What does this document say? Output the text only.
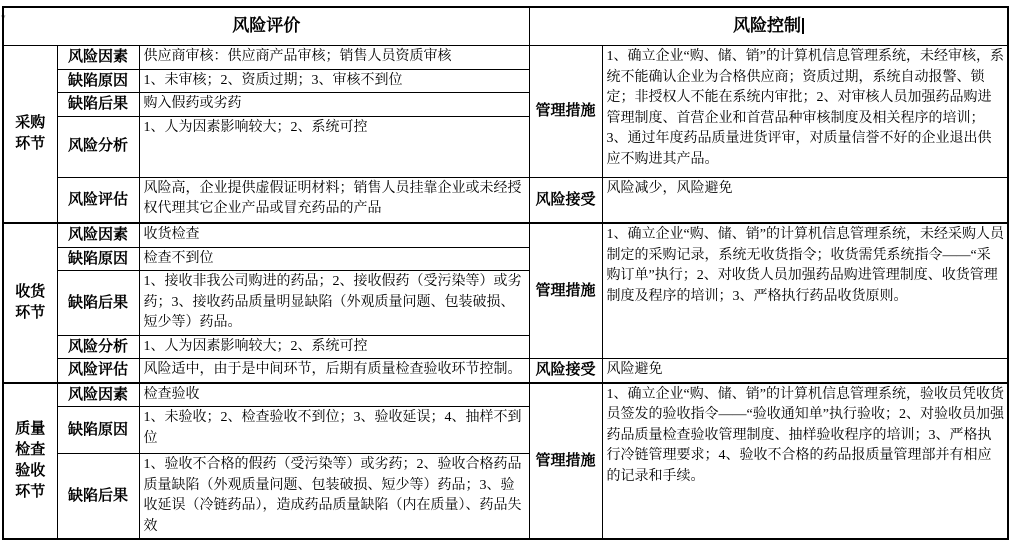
▾	风险评价			风险控制	

采购环节	风险因素	供应商审核：供应商产品审核；销售人员资质审核	管理措施	1、确立企业“购、储、销”的计算机信息管理系统，未经审核，系统不能确认企业为合格供应商；资质过期，系统自动报警、锁定；非授权人不能在系统内审批；2、对审核人员加强药品购进管理制度、首营企业和首营品种审核制度及相关程序的培训；3、通过年度药品质量进货评审，对质量信誉不好的企业退出供应不购进其产品。
	缺陷原因	1、未审核；2、资质过期；3、审核不到位		
	缺陷后果	购入假药或劣药		
	风险分析	1、人为因素影响较大；2、系统可控		
	风险评估	风险高，企业提供虚假证明材料；销售人员挂靠企业或未经授权代理其它企业产品或冒充药品的产品	风险接受	风险减少，风险避免

收货环节	风险因素	收货检查	管理措施	1、确立企业“购、储、销”的计算机信息管理系统，未经采购人员制定的采购记录，系统无收货指令；收货需凭系统指令——“采购订单”执行；2、对收货人员加强药品购进管理制度、收货管理制度及程序的培训；3、严格执行药品收货原则。
	缺陷原因	检查不到位		
	缺陷后果	1、接收非我公司购进的药品；2、接收假药（受污染等）或劣药；3、接收药品质量明显缺陷（外观质量问题、包装破损、短少等）药品。		
	风险分析	1、人为因素影响较大；2、系统可控		
	风险评估	风险适中，由于是中间环节，后期有质量检查验收环节控制。	风险接受	风险避免

质量检查验收环节	风险因素	检查验收	管理措施	1、确立企业“购、储、销”的计算机信息管理系统，验收员凭收货员签发的验收指令——“验收通知单”执行验收；2、对验收员加强药品质量检查验收管理制度、抽样验收程序的培训；3、严格执行冷链管理要求；4、验收不合格的药品报质量管理部并有相应的记录和手续。
	缺陷原因	1、未验收；2、检查验收不到位；3、验收延误；4、抽样不到位		
	缺陷后果	1、验收不合格的假药（受污染等）或劣药；2、验收合格药品质量缺陷（外观质量问题、包装破损、短少等）药品；3、验收延误（冷链药品），造成药品质量缺陷（内在质量）、药品失效		
